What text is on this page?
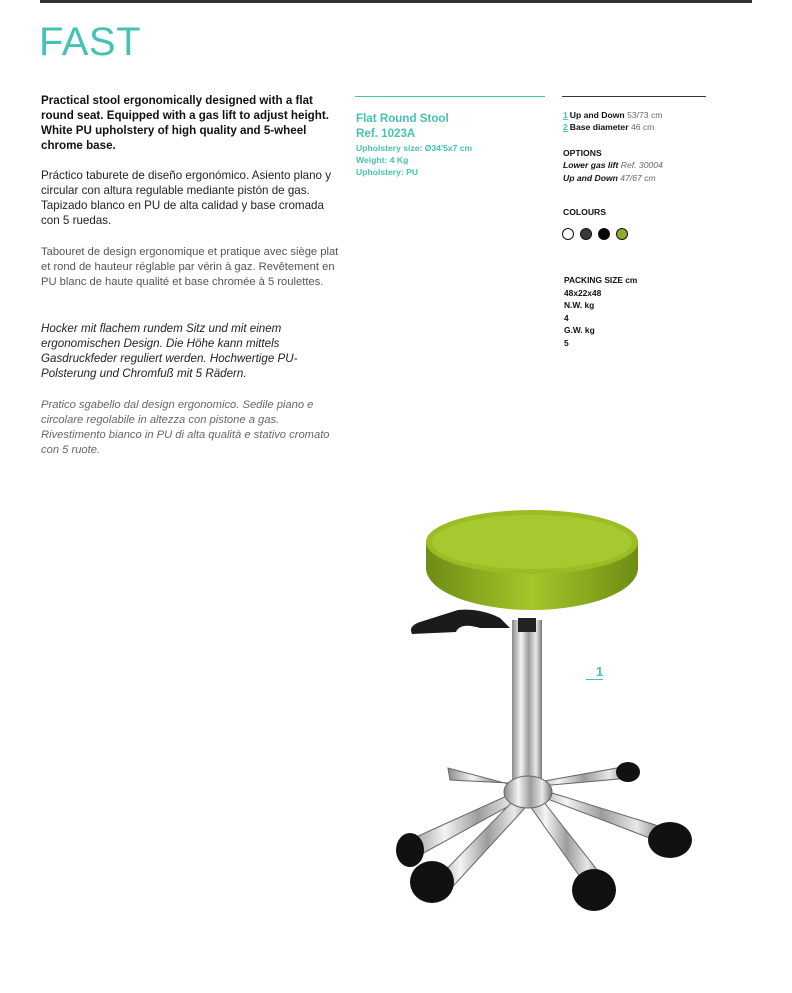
FAST

Practical stool ergonomically designed with a flat round seat. Equipped with a gas lift to adjust height. White PU upholstery of high quality and 5-wheel chrome base.

Práctico taburete de diseño ergonómico. Asiento plano y circular con altura regulable mediante pistón de gas. Tapizado blanco en PU de alta calidad y base cromada con 5 ruedas.

Tabouret de design ergonomique et pratique avec siège plat et rond de hauteur réglable par vérin à gaz. Revêtement en PU blanc de haute qualité et base chromée à 5 roulettes.

Hocker mit flachem rundem Sitz und mit einem ergonomischen Design. Die Höhe kann mittels Gasdruckfeder reguliert werden. Hochwertige PU-Polsterung und Chromfuß mit 5 Rädern.

Pratico sgabello dal design ergonomico. Sedile piano e circolare regolabile in altezza con pistone a gas. Rivestimento bianco in PU di alta qualità e stativo cromato con 5 ruote.

Flat Round Stool
Ref. 1023A
Upholstery size: Ø34'5x7 cm
Weight: 4 Kg
Upholstery: PU
1 Up and Down 53/73 cm
2 Base diameter 46 cm
OPTIONS
Lower gas lift Ref. 30004
Up and Down 47/67 cm
COLOURS
PACKING SIZE cm
48x22x48
N.W. kg
4
G.W. kg
5
1
